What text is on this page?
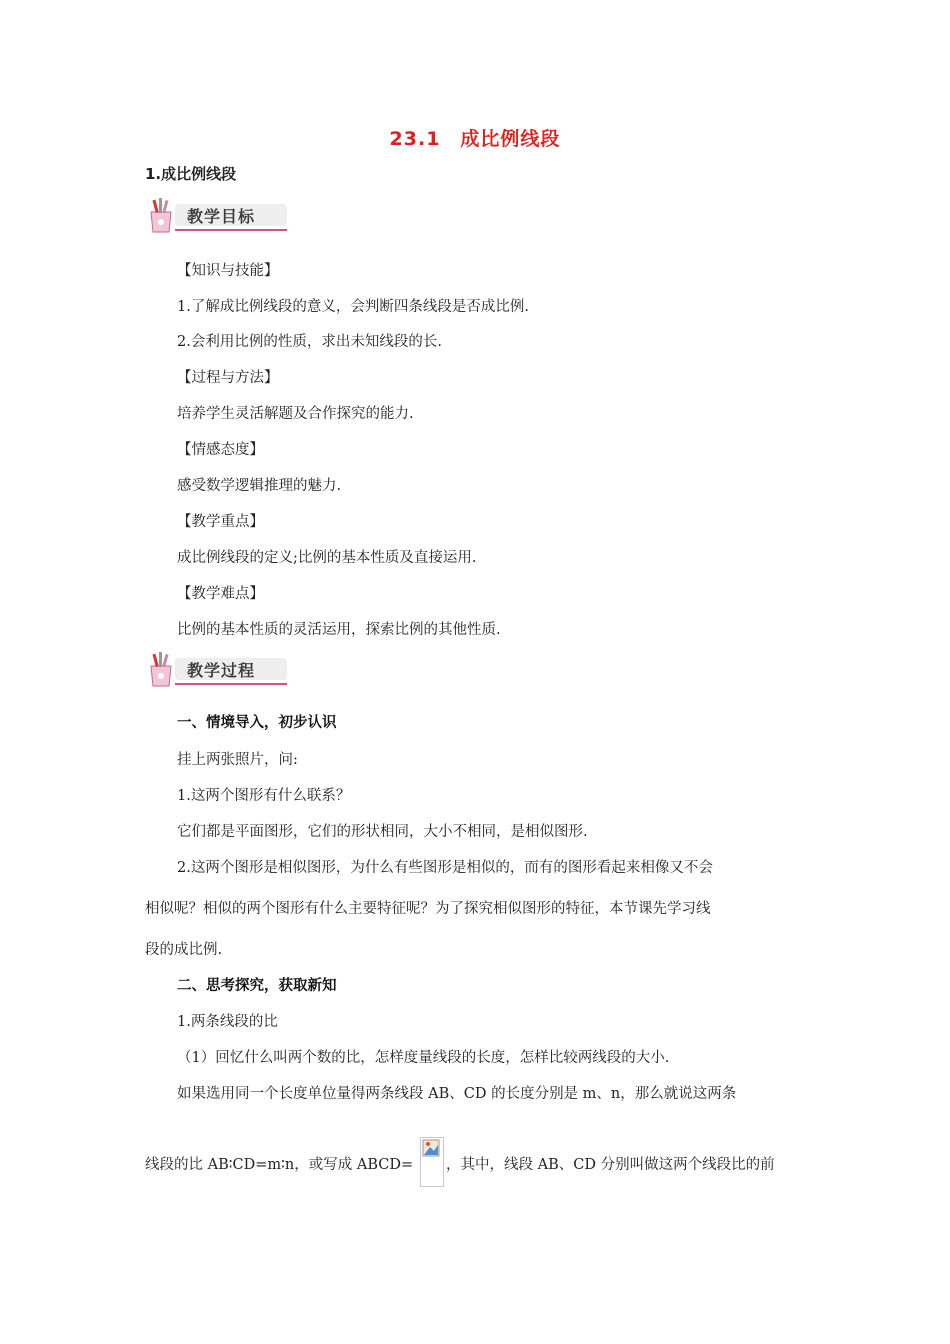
23.1　成比例线段
1.成比例线段
教学目标
【知识与技能】
1.了解成比例线段的意义，会判断四条线段是否成比例.
2.会利用比例的性质，求出未知线段的长.
【过程与方法】
培养学生灵活解题及合作探究的能力.
【情感态度】
感受数学逻辑推理的魅力.
【教学重点】
成比例线段的定义;比例的基本性质及直接运用.
【教学难点】
比例的基本性质的灵活运用，探索比例的其他性质.
教学过程
一、情境导入，初步认识
挂上两张照片，问:
1.这两个图形有什么联系？
它们都是平面图形，它们的形状相同，大小不相同，是相似图形.
2.这两个图形是相似图形，为什么有些图形是相似的，而有的图形看起来相像又不会
相似呢？相似的两个图形有什么主要特征呢？为了探究相似图形的特征，本节课先学习线
段的成比例.
二、思考探究，获取新知
1.两条线段的比
（1）回忆什么叫两个数的比，怎样度量线段的长度，怎样比较两线段的大小.
如果选用同一个长度单位量得两条线段 AB、CD 的长度分别是 m、n，那么就说这两条
线段的比 AB∶CD=m∶n，或写成 ABCD= ，其中，线段 AB、CD 分别叫做这两个线段比的前
